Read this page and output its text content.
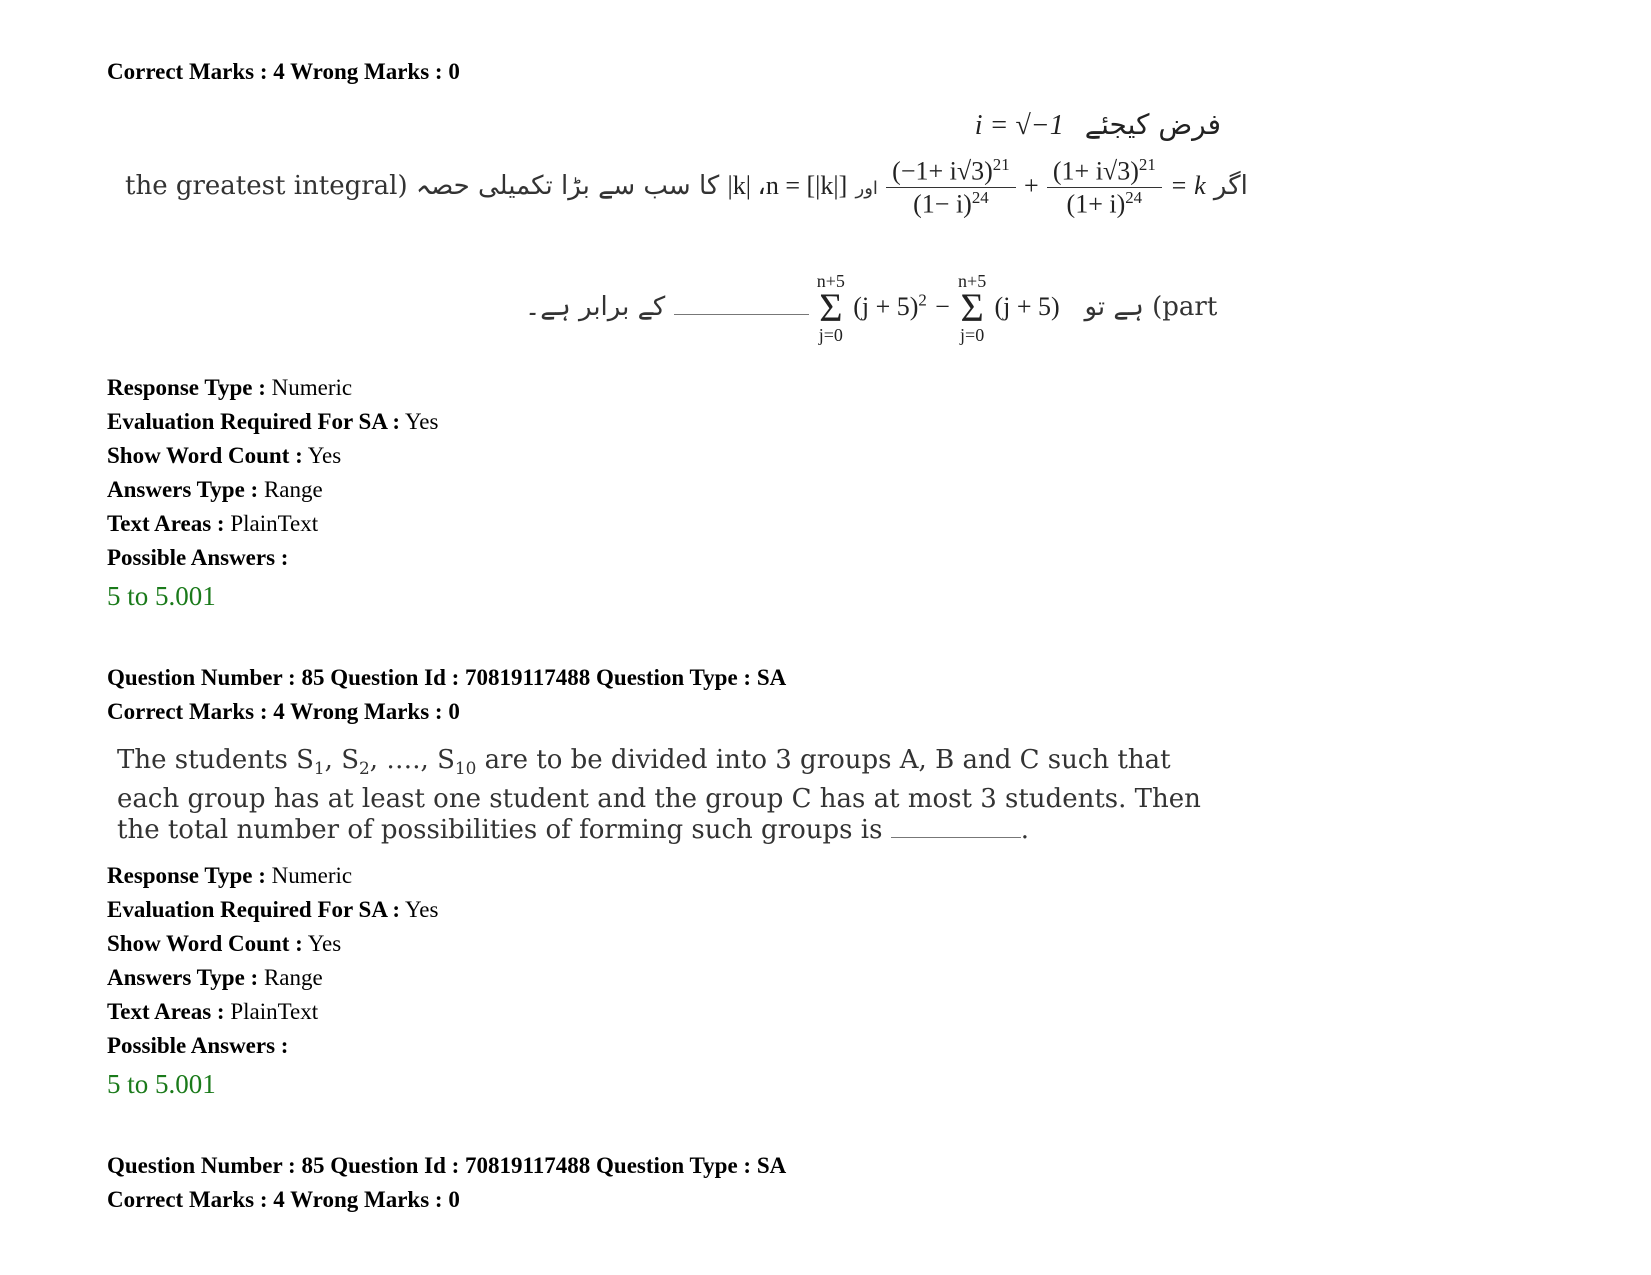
Correct Marks : 4 Wrong Marks : 0
i = √−1 فرض کیجئے
the greatest integral) کا سب سے بڑا تکمیلی حصہ |k| ،n = [|k|] اور $\frac{(-1+ i√3)^{21}}{(1- i)^{24}} + \frac{(1+ i√3)^{21}}{(1+ i)^{24}} = k$ اگر
کے برابر ہے۔
n+5
Σ
j=0
$(j + 5)^2$ −
n+5
Σ
j=0
(j + 5) ہے تو (part
Response Type : Numeric
Evaluation Required For SA : Yes
Show Word Count : Yes
Answers Type : Range
Text Areas : PlainText
Possible Answers :
5 to 5.001
Question Number : 85 Question Id : 70819117488 Question Type : SA
Correct Marks : 4 Wrong Marks : 0
The students $S_1$, $S_2$, …., $S_{10}$ are to be divided into 3 groups A, B and C such that each group has at least one student and the group C has at most 3 students. Then the total number of possibilities of forming such groups is	.
Response Type : Numeric
Evaluation Required For SA : Yes
Show Word Count : Yes
Answers Type : Range
Text Areas : PlainText
Possible Answers :
5 to 5.001
Question Number : 85 Question Id : 70819117488 Question Type : SA
Correct Marks : 4 Wrong Marks : 0
